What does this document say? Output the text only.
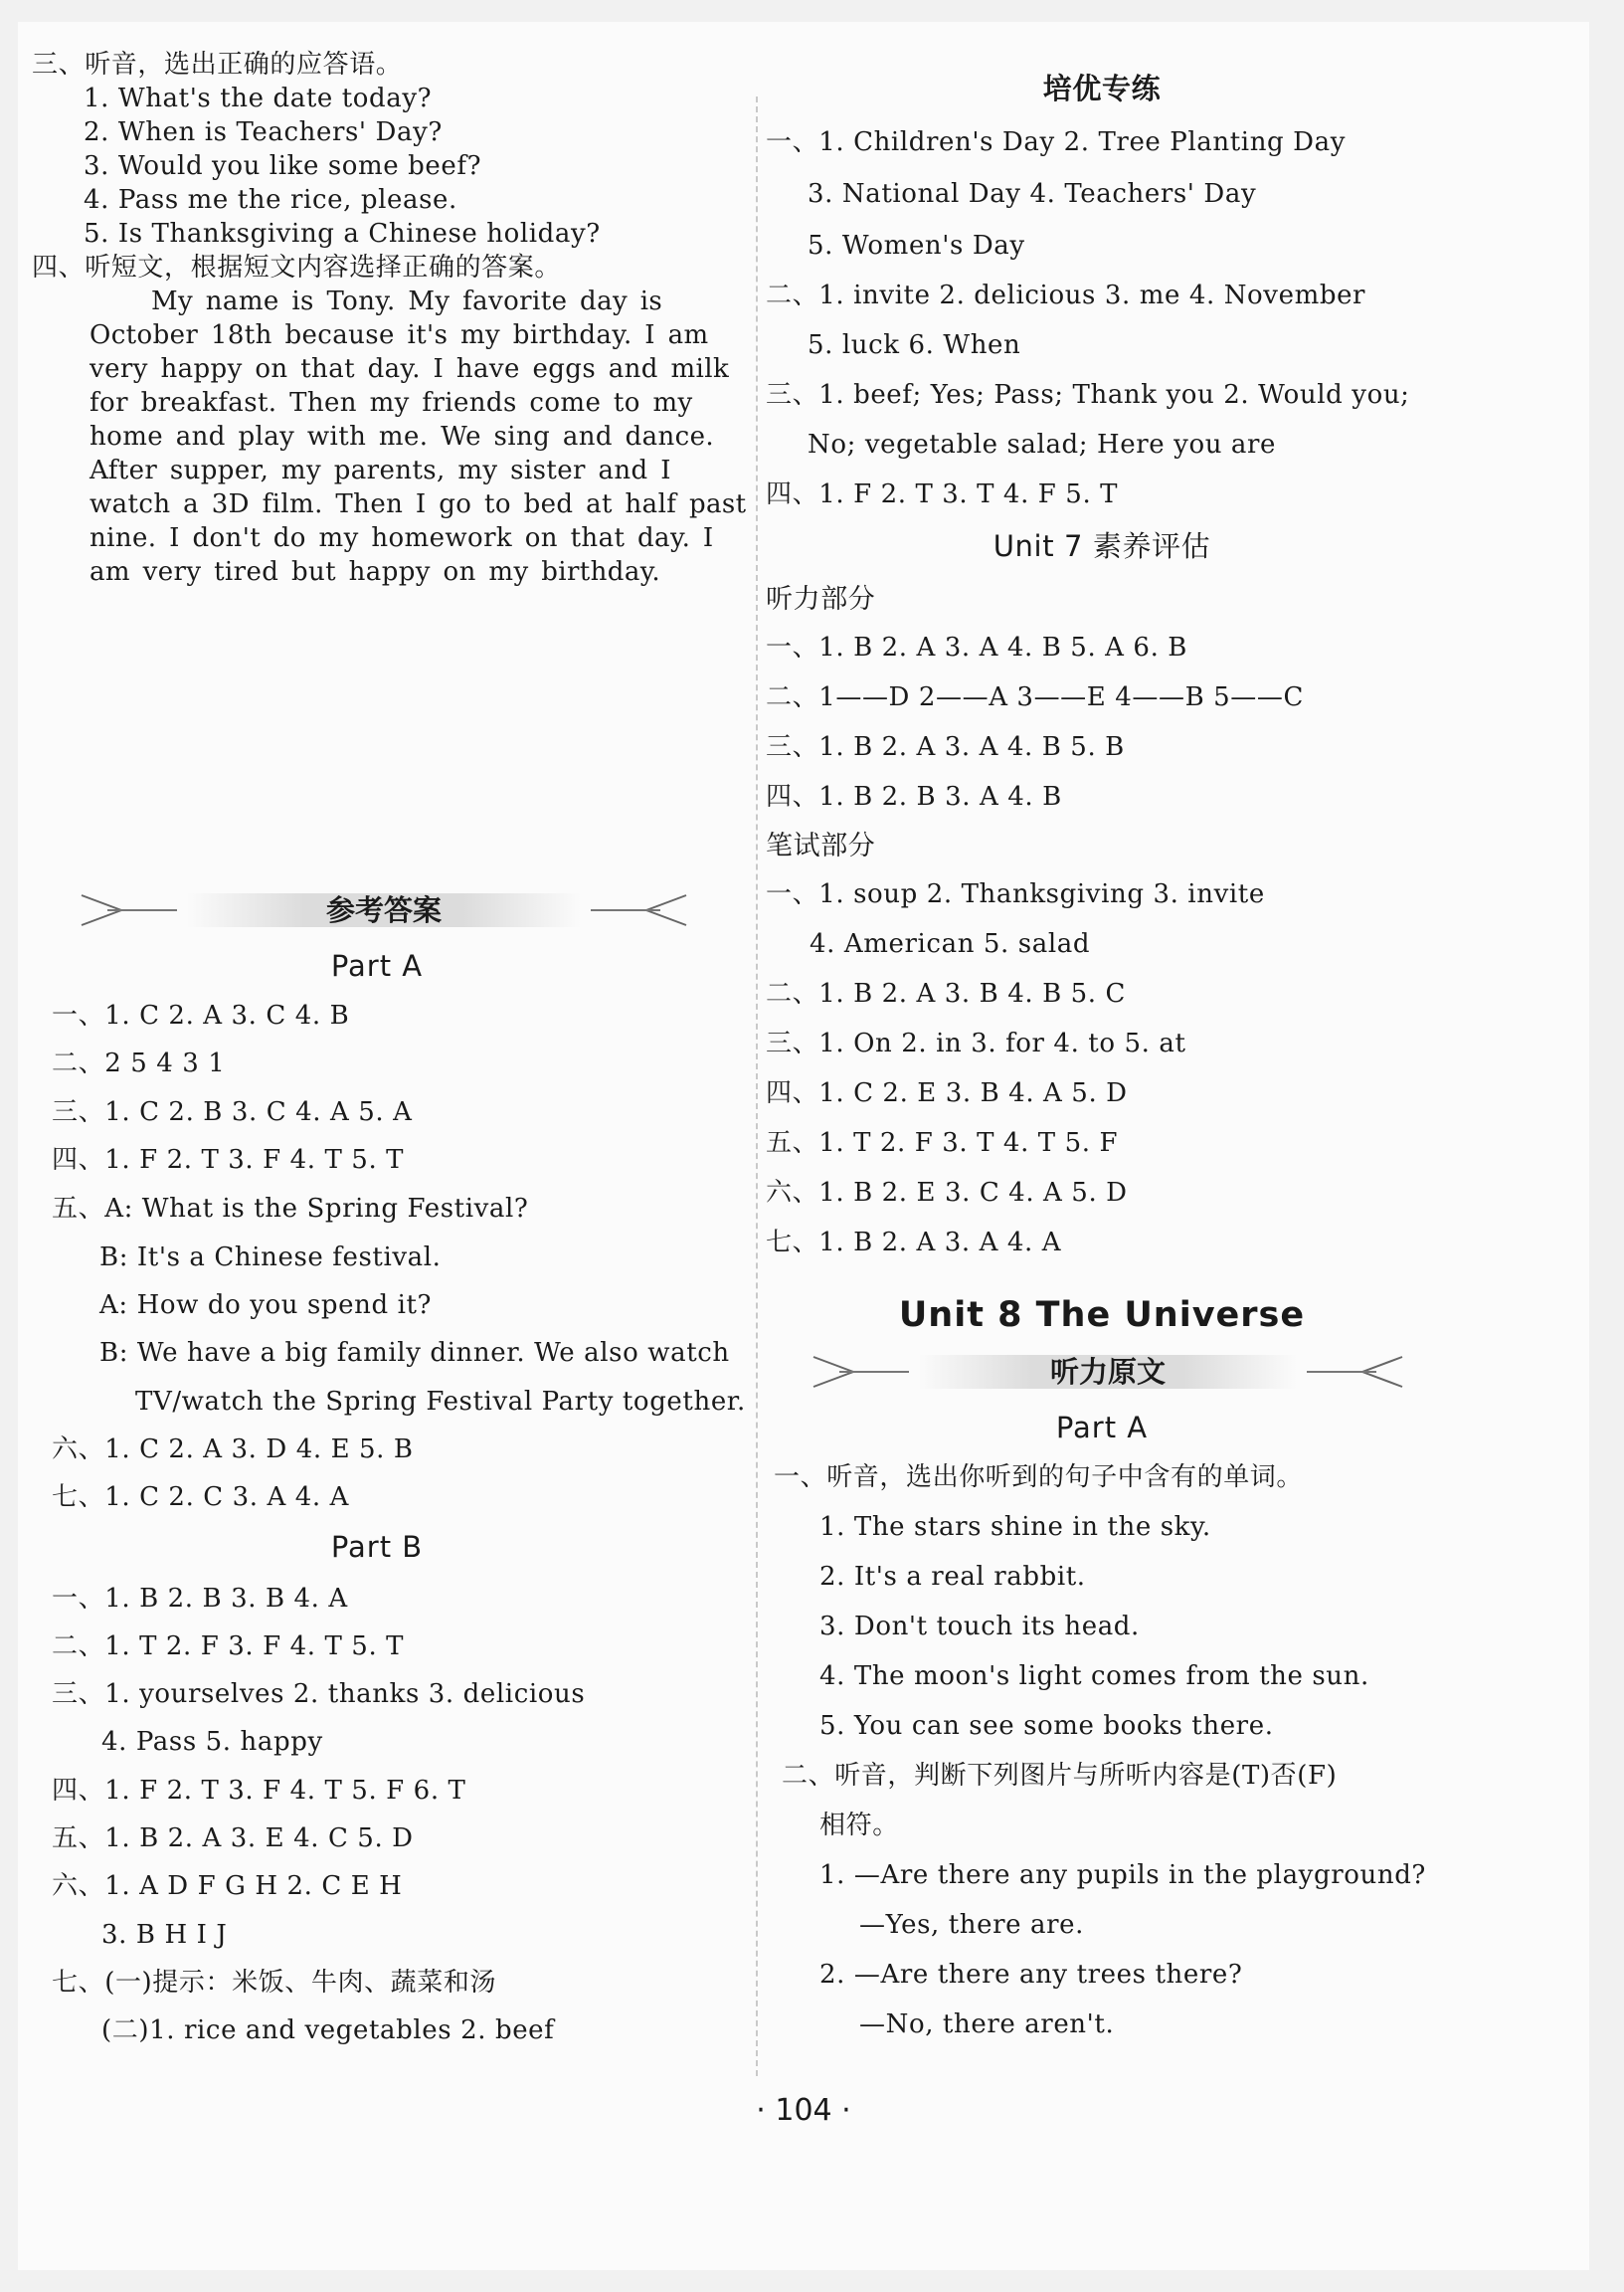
三、听音，选出正确的应答语。
1. What's the date today?
2. When is Teachers' Day?
3. Would you like some beef?
4. Pass me the rice, please.
5. Is Thanksgiving a Chinese holiday?
四、听短文，根据短文内容选择正确的答案。
My name is Tony. My favorite day is
October 18th because it's my birthday. I am
very happy on that day. I have eggs and milk
for breakfast. Then my friends come to my
home and play with me. We sing and dance.
After supper, my parents, my sister and I
watch a 3D film. Then I go to bed at half past
nine. I don't do my homework on that day. I
am very tired but happy on my birthday.
参考答案
Part A
一、1. C 2. A 3. C 4. B
二、2 5 4 3 1
三、1. C 2. B 3. C 4. A 5. A
四、1. F 2. T 3. F 4. T 5. T
五、A: What is the Spring Festival?
B: It's a Chinese festival.
A: How do you spend it?
B: We have a big family dinner. We also watch
TV/watch the Spring Festival Party together.
六、1. C 2. A 3. D 4. E 5. B
七、1. C 2. C 3. A 4. A
Part B
一、1. B 2. B 3. B 4. A
二、1. T 2. F 3. F 4. T 5. T
三、1. yourselves 2. thanks 3. delicious
4. Pass 5. happy
四、1. F 2. T 3. F 4. T 5. F 6. T
五、1. B 2. A 3. E 4. C 5. D
六、1. A D F G H 2. C E H
3. B H I J
七、(一)提示：米饭、牛肉、蔬菜和汤
(二)1. rice and vegetables 2. beef
培优专练
一、1. Children's Day 2. Tree Planting Day
3. National Day 4. Teachers' Day
5. Women's Day
二、1. invite 2. delicious 3. me 4. November
5. luck 6. When
三、1. beef; Yes; Pass; Thank you 2. Would you;
No; vegetable salad; Here you are
四、1. F 2. T 3. T 4. F 5. T
Unit 7 素养评估
听力部分
一、1. B 2. A 3. A 4. B 5. A 6. B
二、1——D 2——A 3——E 4——B 5——C
三、1. B 2. A 3. A 4. B 5. B
四、1. B 2. B 3. A 4. B
笔试部分
一、1. soup 2. Thanksgiving 3. invite
4. American 5. salad
二、1. B 2. A 3. B 4. B 5. C
三、1. On 2. in 3. for 4. to 5. at
四、1. C 2. E 3. B 4. A 5. D
五、1. T 2. F 3. T 4. T 5. F
六、1. B 2. E 3. C 4. A 5. D
七、1. B 2. A 3. A 4. A
Unit 8 The Universe
听力原文
Part A
一、听音，选出你听到的句子中含有的单词。
1. The stars shine in the sky.
2. It's a real rabbit.
3. Don't touch its head.
4. The moon's light comes from the sun.
5. You can see some books there.
二、听音，判断下列图片与所听内容是(T)否(F)
相符。
1. —Are there any pupils in the playground?
—Yes, there are.
2. —Are there any trees there?
—No, there aren't.
· 104 ·
